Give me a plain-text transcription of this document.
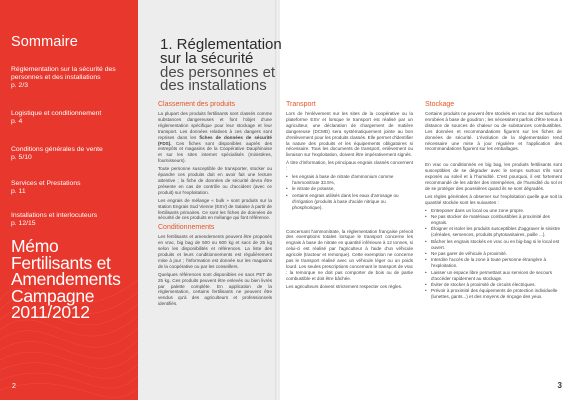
Sommaire
Réglementation sur la sécurité des personnes et des installations
p. 2/3
Logistique et conditionnement
p. 4
Conditions générales de vente
p. 5/10
Services et Prestations
p. 11
Installations et interlocuteurs
p. 12/15
Mémo
Fertilisants et
Amendements
Campagne
2011/2012
2
1. Réglementation
sur la sécurité
des personnes et
des installations
Classement des produits

La plupart des produits fertilisants sont classés comme substances dangereuses et font l'objet d'une réglementation spécifique pour leur stockage et leur transport. Les données relatives à ces dangers sont reprises dans les fiches de données de sécurité (FDS). Ces fiches sont disponibles auprès des entrepôts et magasins de la Coopérative Dauphinoise et sur les sites internet spécialisés (ministères, fournisseurs).

Toute personne susceptible de transporter, stocker ou épandre ces produits doit en avoir fait une lecture attentive ; la fiche de données de sécurité devra être présente en cas de contrôle ou d'accident (avec ce produit) sur l'exploitation.

Les engrais de mélange « bulk » sont produits sur la station Engrais Sud Vienne (ESV) de Salaise à partir de fertilisants primaires. Ce sont les fiches de données de sécurité de ces produits en mélange qui font référence.

Conditionnements

Les fertilisants et amendements peuvent être proposés en vrac, big bag de 500 ou 600 kg et sacs de 25 kg selon les disponibilités et références. La liste des produits et leurs conditionnements est régulièrement mise à jour ; l'information est donnée sur les magasins de la coopérative ou par les conseillers.

Quelques références sont disponibles en sacs PET de 25 kg. Ces produits peuvent être enlevés ou bien livrés par palette complète. En application de la réglementation, certains fertilisants ne peuvent être vendus qu'à des agriculteurs et professionnels identifiés.

Transport

Lors de l'enlèvement sur les sites de la coopérative ou la plateforme ESV et lorsque le transport est réalisé par un agriculteur, une déclaration de chargement de matière dangereuse (DCMD) sera systématiquement jointe au bon d'enlèvement pour les produits classés. Elle permet d'identifier la nature des produits et les équipements obligatoires si nécessaire. Tous les documents de transport, enlèvement ou livraison sur l'exploitation, doivent être impérativement signés.

À titre d'information, les principaux engrais classés concernent :

• les engrais à base de nitrate d'ammonium comme l'ammonitrate 33.5%,
• le nitrate de potasse,
• certains engrais utilisés dans les eaux d'arrosage ou d'irrigation (produits à base d'acide nitrique ou phosphorique).

Concernant l'ammonitrate, la réglementation française prévoit des exemptions totales lorsque le transport concerne les engrais à base de nitrate en quantité inférieure à 12 tonnes, si celui-ci est réalisé par l'agriculteur à l'aide d'un véhicule agricole (tracteur et remorque). Cette exemption ne concerne pas le transport réalisé avec un véhicule léger ou un poids lourd. Les seules prescriptions concernant le transport de vrac : la remorque ne doit pas comporter de bois ou de partie combustible et doit être bâchée.

Les agriculteurs doivent strictement respecter ces règles.

Stockage

Certains produits ne peuvent être stockés en vrac sur des surfaces enrobées à base de goudron ; les nécessitent parfois d'être tenus à distance de sources de chaleur ou de substances combustibles. Les données et recommandations figurent sur les fiches de données de sécurité. L'évolution de la réglementation rend nécessaire une mise à jour régulière et l'application des recommandations figurent sur les emballages.

En vrac ou conditionnés en big bag, les produits fertilisants sont susceptibles de se dégrader avec le temps surtout s'ils sont exposés au soleil et à l'humidité. C'est pourquoi, il est fortement recommandé de les abriter des intempéries, de l'humidité du sol et de se protéger des poussières quand ils se sont dégradés.

Les règles générales à observer sur l'exploitation quelle que soit la quantité stockée sont les suivantes :

• Entreposer dans un local ou une zone propre.
• Ne pas stocker de matériaux combustibles à proximité des engrais.
• Éloigner et isoler les produits susceptibles d'aggraver le sinistre (céréales, semences, produits phytosanitaires, paille ...).
• Bâcher les engrais stockés en vrac ou en big-bag si le local est ouvert.
• Ne pas garer de véhicule à proximité.
• Interdire l'accès de la zone à toute personne étrangère à l'exploitation.
• Laisser un espace libre permettant aux services de secours d'accéder rapidement au stockage.
• Éviter de stocker à proximité de circuits électriques.
• Prévoir à proximité des équipements de protection individuelle (lunettes, gants...) et des moyens de rinçage des yeux.
3
